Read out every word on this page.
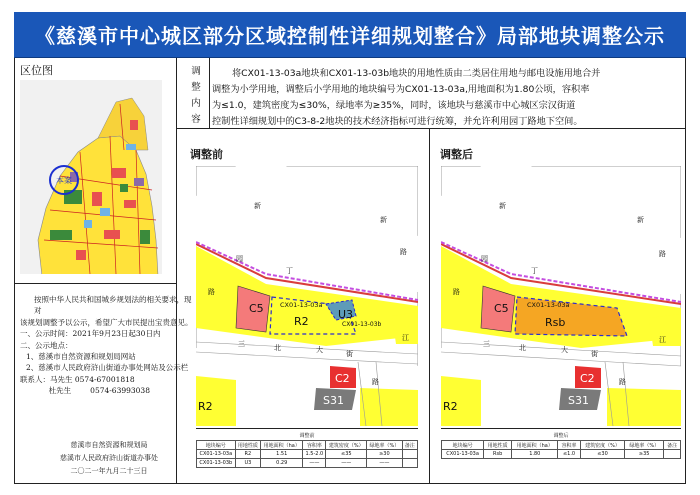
《慈溪市中心城区部分区域控制性详细规划整合》局部地块调整公示
区位图
本案

按照中华人民共和国城乡规划法的相关要求，现对

该规划调整予以公示，希望广大市民提出宝贵意见。

一、公示时间：2021年9月23日起30日内

二、公示地点：

1、慈溪市自然资源和规划局网站

2、慈溪市人民政府浒山街道办事处网站及公示栏

联系人：马先生 0574-67001818

杜先生        0574-63993038

慈溪市自然资源和规划局
慈溪市人民政府浒山街道办事处
二〇二一年九月二十三日
调
整
内
容
将CX01-13-03a地块和CX01-13-03b地块的用地性质由二类居住用地与邮电设施用地合并
调整为小学用地，调整后小学用地的地块编号为CX01-13-03a,用地面积为1.80公顷，容积率
为≤1.0，建筑密度为≤30%，绿地率为≥35%，同时，该地块与慈溪市中心城区宗汉街道
控制性详细规划中的C3-8-2地块的技术经济指标可进行统筹，并允许利用园丁路地下空间。
调整前	调整后
C5
R2
U3
C2
S31
R2
CX01-13-03a
CX01-13-03b
新
园
丁
路
新
路
三	北	大	街
路
江
C5
Rsb
C2
S31
R2
CX01-13-03a
新
园
丁
路
新
路
三	北	大	街
路
江
调整前
地块编号	用地性质	用地面积（ha）	容积率	建筑密度（%）	绿地率（%）	备注
CX01-13-03a	R2	1.51	1.5-2.0	≤35	≥30	
CX01-13-03b	U3	0.29	——	——	——	
调整后
地块编号	用地性质	用地面积（ha）	容积率	建筑密度（%）	绿地率（%）	备注
CX01-13-03a	Rsb	1.80	≤1.0	≤30	≥35	
